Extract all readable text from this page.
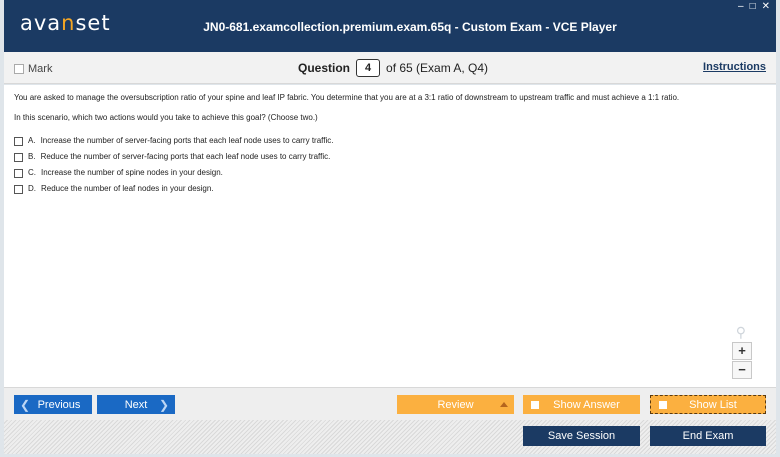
avanset	JN0-681.examcollection.premium.exam.65q - Custom Exam - VCE Player
– □ ✕
Mark	Question	4	of 65 (Exam A, Q4)	Instructions

You are asked to manage the oversubscription ratio of your spine and leaf IP fabric. You determine that you are at a 3:1 ratio of downstream to upstream traffic and must achieve a 1:1 ratio.

In this scenario, which two actions would you take to achieve this goal? (Choose two.)

A. Increase the number of server-facing ports that each leaf node uses to carry traffic.
B. Reduce the number of server-facing ports that each leaf node uses to carry traffic.
C. Increase the number of spine nodes in your design.
D. Reduce the number of leaf nodes in your design.
⚲
+
−
❮ Previous	Next ❯	Review	Show Answer	Show List
Save Session	End Exam
